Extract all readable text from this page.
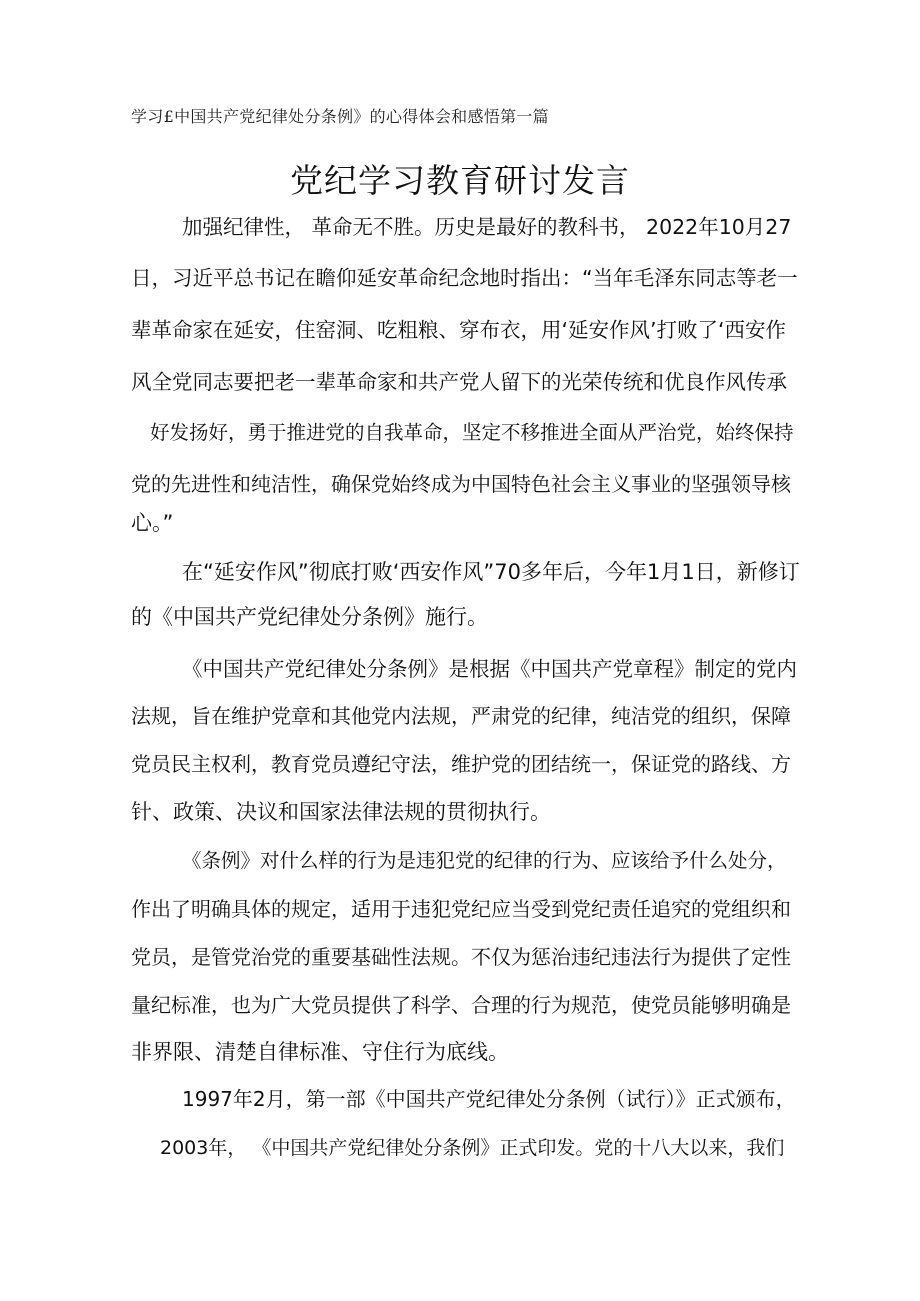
学习£中国共产党纪律处分条例》的心得体会和感悟第一篇
党纪学习教育研讨发言
加强纪律性， 革命无不胜。历史是最好的教科书， 2022年10月27
日，习近平总书记在瞻仰延安革命纪念地时指出：“当年毛泽东同志等老一
辈革命家在延安，住窑洞、吃粗粮、穿布衣，用‘延安作风’打败了‘西安作
风全党同志要把老一辈革命家和共产党人留下的光荣传统和优良作风传承
好发扬好，勇于推进党的自我革命，坚定不移推进全面从严治党，始终保持
党的先进性和纯洁性，确保党始终成为中国特色社会主义事业的坚强领导核
心。”
在“延安作风”彻底打败‘西安作风”70多年后，今年1月1日，新修订
的《中国共产党纪律处分条例》施行。
《中国共产党纪律处分条例》是根据《中国共产党章程》制定的党内
法规，旨在维护党章和其他党内法规，严肃党的纪律，纯洁党的组织，保障
党员民主权利，教育党员遵纪守法，维护党的团结统一，保证党的路线、方
针、政策、决议和国家法律法规的贯彻执行。
《条例》对什么样的行为是违犯党的纪律的行为、应该给予什么处分，
作出了明确具体的规定，适用于违犯党纪应当受到党纪责任追究的党组织和
党员，是管党治党的重要基础性法规。不仅为惩治违纪违法行为提供了定性
量纪标准，也为广大党员提供了科学、合理的行为规范，使党员能够明确是
非界限、清楚自律标准、守住行为底线。
1997年2月，第一部《中国共产党纪律处分条例（试行）》正式颁布，
2003年， 《中国共产党纪律处分条例》正式印发。党的十八大以来，我们
